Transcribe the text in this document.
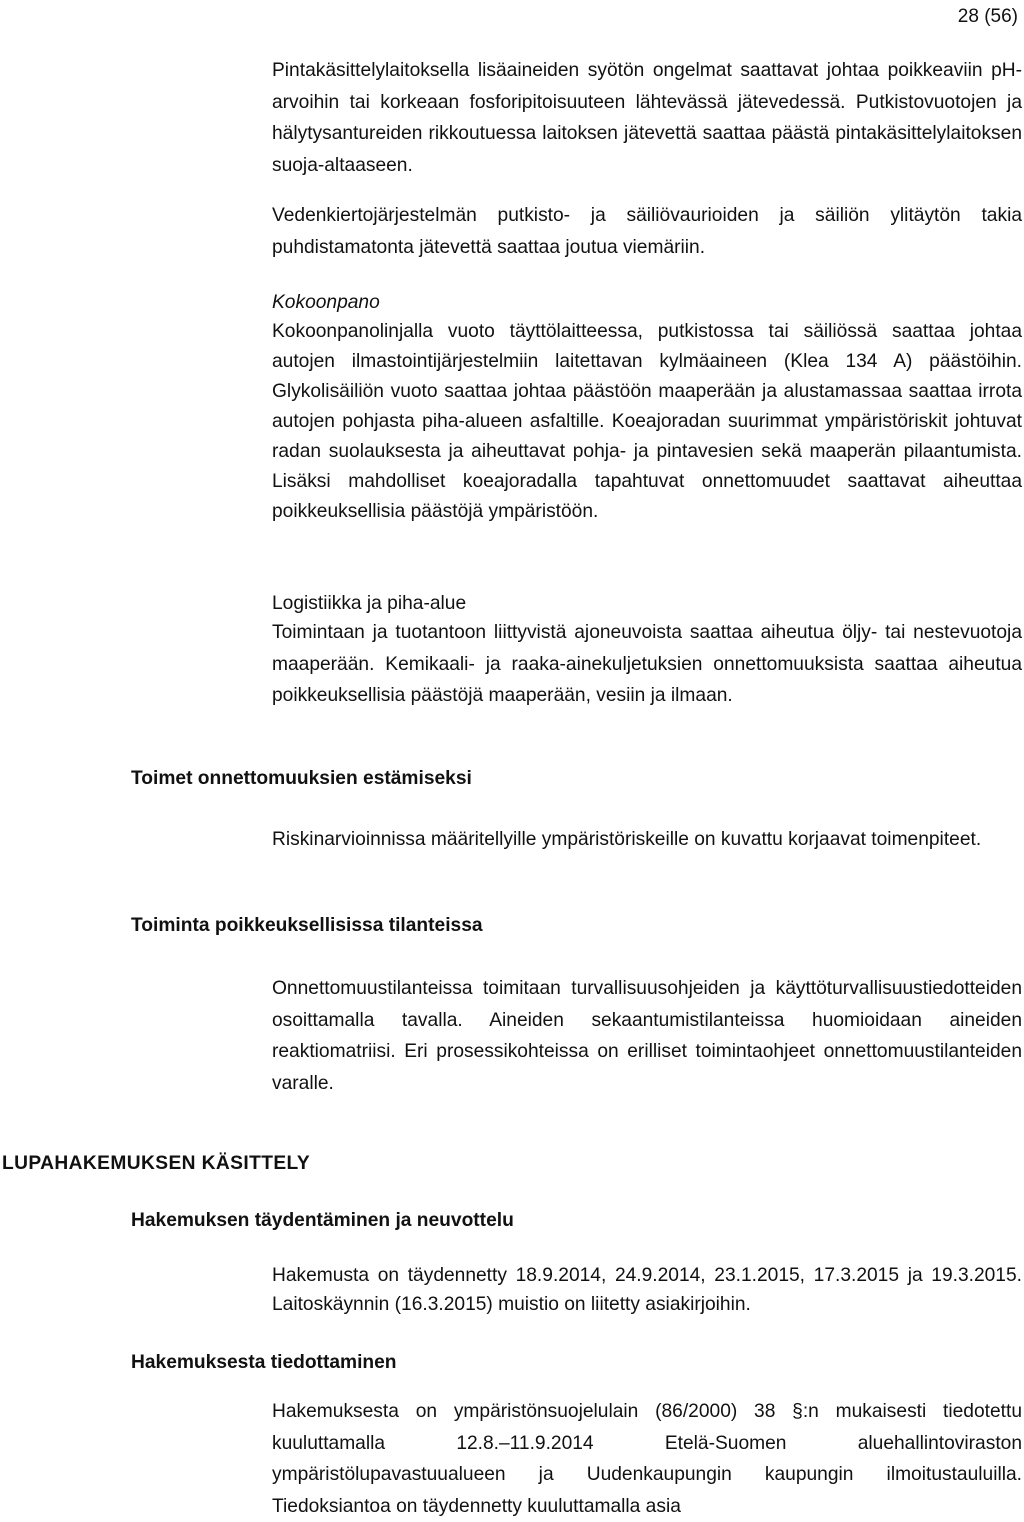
28 (56)

Pintakäsittelylaitoksella lisäaineiden syötön ongelmat saattavat johtaa poikkeaviin pH-arvoihin tai korkeaan fosforipitoisuuteen lähtevässä jätevedessä. Putkistovuotojen ja hälytysantureiden rikkoutuessa laitoksen jätevettä saattaa päästä pintakäsittelylaitoksen suoja-altaaseen.

Vedenkiertojärjestelmän putkisto- ja säiliövaurioiden ja säiliön ylitäytön takia puhdistamatonta jätevettä saattaa joutua viemäriin.

Kokoonpano

Kokoonpanolinjalla vuoto täyttölaitteessa, putkistossa tai säiliössä saattaa johtaa autojen ilmastointijärjestelmiin laitettavan kylmäaineen (Klea 134 A) päästöihin. Glykolisäiliön vuoto saattaa johtaa päästöön maaperään ja alustamassaa saattaa irrota autojen pohjasta piha-alueen asfaltille. Koeajoradan suurimmat ympäristöriskit johtuvat radan suolauksesta ja aiheuttavat pohja- ja pintavesien sekä maaperän pilaantumista. Lisäksi mahdolliset koeajoradalla tapahtuvat onnettomuudet saattavat aiheuttaa poikkeuksellisia päästöjä ympäristöön.

Logistiikka ja piha-alue

Toimintaan ja tuotantoon liittyvistä ajoneuvoista saattaa aiheutua öljy- tai nestevuotoja maaperään. Kemikaali- ja raaka-ainekuljetuksien onnettomuuksista saattaa aiheutua poikkeuksellisia päästöjä maaperään, vesiin ja ilmaan.

Toimet onnettomuuksien estämiseksi

Riskinarvioinnissa määritellyille ympäristöriskeille on kuvattu korjaavat toimenpiteet.

Toiminta poikkeuksellisissa tilanteissa

Onnettomuustilanteissa toimitaan turvallisuusohjeiden ja käyttöturvallisuustiedotteiden osoittamalla tavalla. Aineiden sekaantumistilanteissa huomioidaan aineiden reaktiomatriisi. Eri prosessikohteissa on erilliset toimintaohjeet onnettomuustilanteiden varalle.

LUPAHAKEMUKSEN KÄSITTELY

Hakemuksen täydentäminen ja neuvottelu

Hakemusta on täydennetty 18.9.2014, 24.9.2014, 23.1.2015, 17.3.2015 ja 19.3.2015. Laitoskäynnin (16.3.2015) muistio on liitetty asiakirjoihin.

Hakemuksesta tiedottaminen

Hakemuksesta on ympäristönsuojelulain (86/2000) 38 §:n mukaisesti tiedotettu kuuluttamalla 12.8.–11.9.2014 Etelä-Suomen aluehallintoviraston ympäristölupavastuualueen ja Uudenkaupungin kaupungin ilmoitustauluilla. Tiedoksiantoa on täydennetty kuuluttamalla asia
